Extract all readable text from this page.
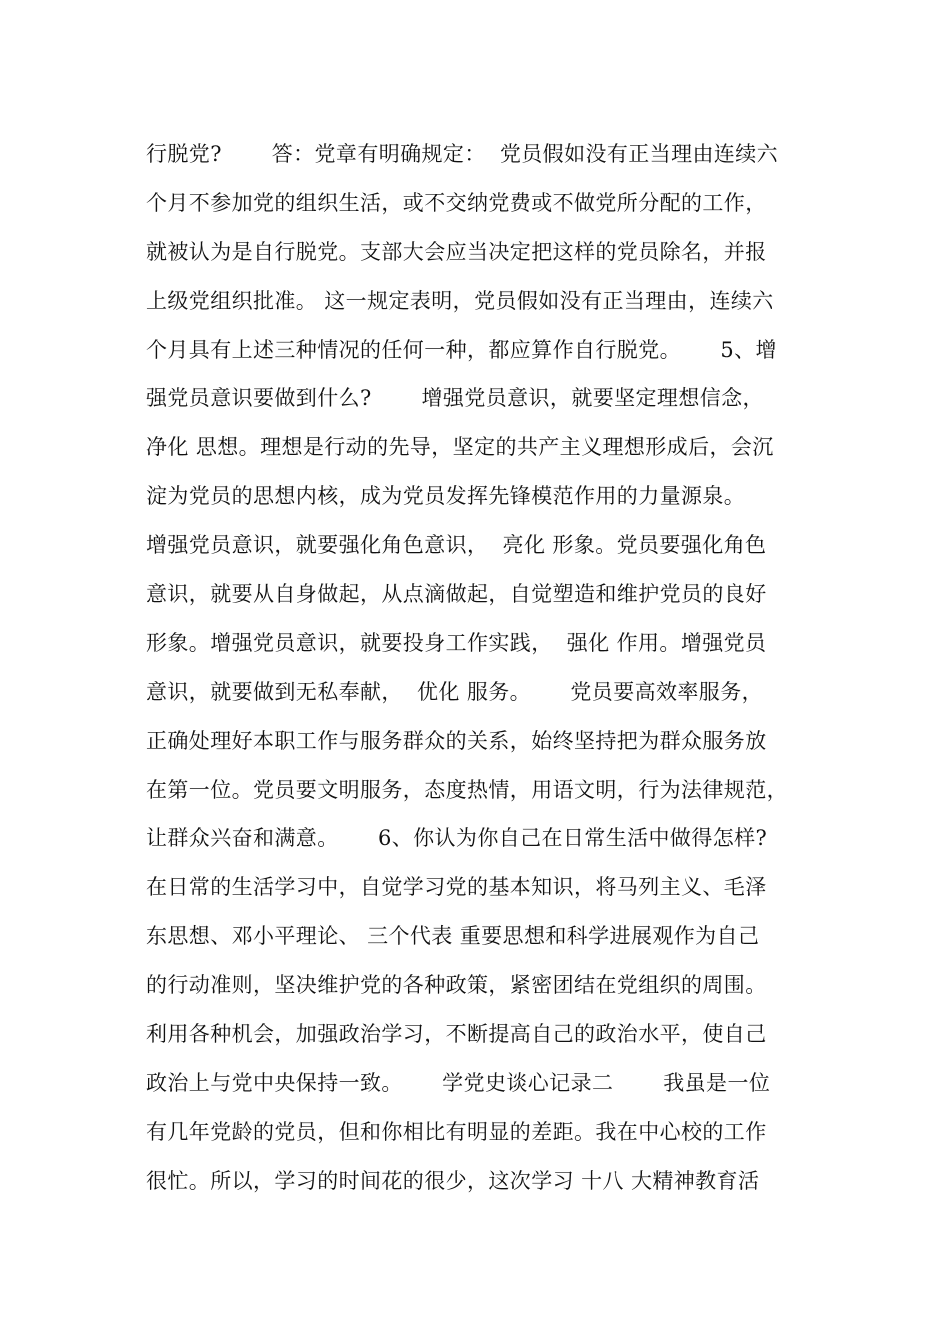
行脱党?　　 答：党章有明确规定：  党员假如没有正当理由连续六
个月不参加党的组织生活，或不交纳党费或不做党所分配的工作，
就被认为是自行脱党。支部大会应当决定把这样的党员除名，并报
上级党组织批准。 这一规定表明，党员假如没有正当理由，连续六
个月具有上述三种情况的任何一种，都应算作自行脱党。　　 5、增
强党员意识要做到什么?　　 增强党员意识，就要坚定理想信念，
净化 思想。理想是行动的先导，坚定的共产主义理想形成后，会沉
淀为党员的思想内核，成为党员发挥先锋模范作用的力量源泉。
增强党员意识，就要强化角色意识，  亮化 形象。党员要强化角色
意识，就要从自身做起，从点滴做起，自觉塑造和维护党员的良好
形象。增强党员意识，就要投身工作实践，  强化 作用。增强党员
意识，就要做到无私奉献，  优化 服务。　　 党员要高效率服务，
正确处理好本职工作与服务群众的关系，始终坚持把为群众服务放
在第一位。党员要文明服务，态度热情，用语文明，行为法律规范，
让群众兴奋和满意。　　 6、你认为你自己在日常生活中做得怎样?
在日常的生活学习中，自觉学习党的基本知识，将马列主义、毛泽
东思想、邓小平理论、 三个代表 重要思想和科学进展观作为自己
的行动准则，坚决维护党的各种政策，紧密团结在党组织的周围。
利用各种机会，加强政治学习，不断提高自己的政治水平，使自己
政治上与党中央保持一致。　　 学党史谈心记录二　　 我虽是一位
有几年党龄的党员，但和你相比有明显的差距。我在中心校的工作
很忙。所以，学习的时间花的很少，这次学习 十八 大精神教育活
